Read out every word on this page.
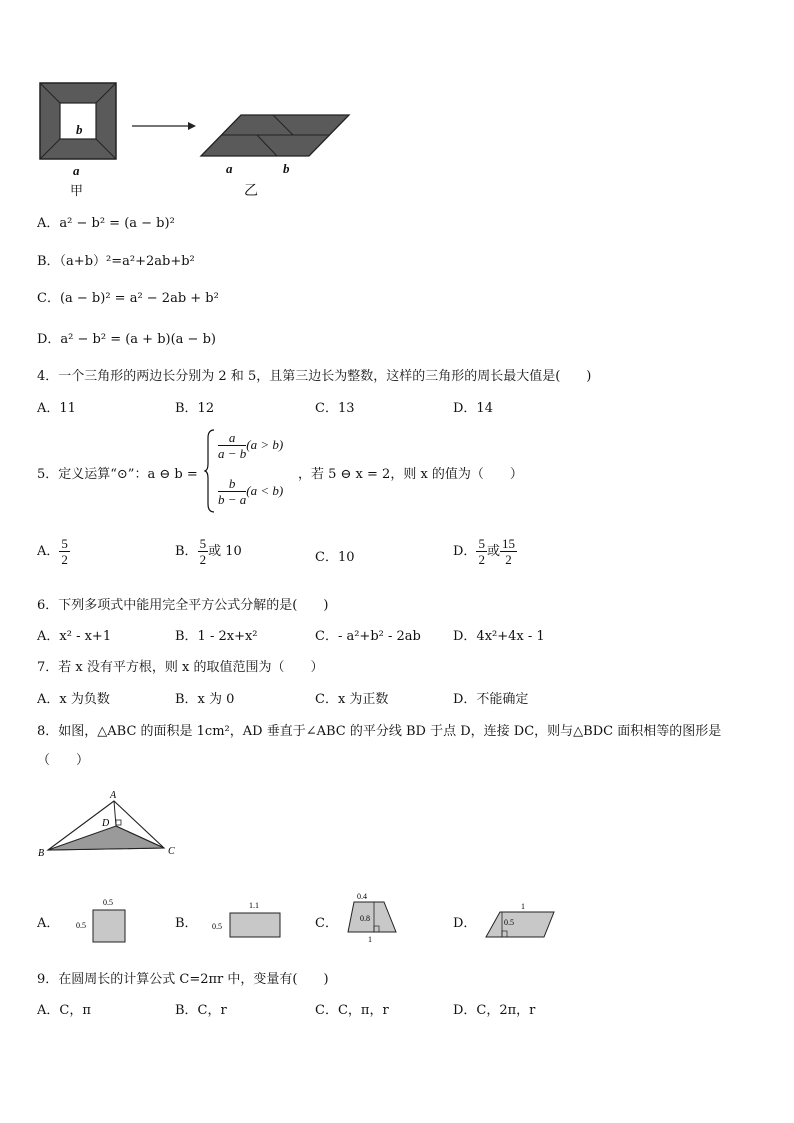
b
a
甲
a	b
乙
A．a² − b² = (a − b)²
B．（a+b）²=a²+2ab+b²
C．(a − b)² = a² − 2ab + b²
D．a² − b² = (a + b)(a − b)
4．一个三角形的两边长分别为 2 和 5，且第三边长为整数，这样的三角形的周长最大值是(　　)
A．11	B．12	C．13	D．14
5．定义运算“⊙”：a ⊖ b =
$\frac{a}{a - b} (a > b)$
$\frac{b}{b - a} (a < b)$
，若 5 ⊖ x = 2，则 x 的值为（　　）
A． $\frac{5}{2}$	B． $\frac{5}{2}$ 或 10	C．10	D． $\frac{5}{2}$ 或 $\frac{15}{2}$
6．下列多项式中能用完全平方公式分解的是(　　)
A．x² - x+1	B．1 - 2x+x²	C．- a²+b² - 2ab D．4x²+4x - 1
7．若 x 没有平方根，则 x 的取值范围为（　　）
A．x 为负数	B．x 为 0	C．x 为正数	D．不能确定
8．如图，△ABC 的面积是 1cm²，AD 垂直于∠ABC 的平分线 BD 于点 D，连接 DC，则与△BDC 面积相等的图形是
（　　）
A
B	C
D
A．
0.5
0.5	B．
1.1
0.5	C．
0.4
0.8
1
D．
1
0.5
9．在圆周长的计算公式 C=2πr 中，变量有(　　)
A．C，π	B．C，r	C．C，π，r	D．C，2π，r
